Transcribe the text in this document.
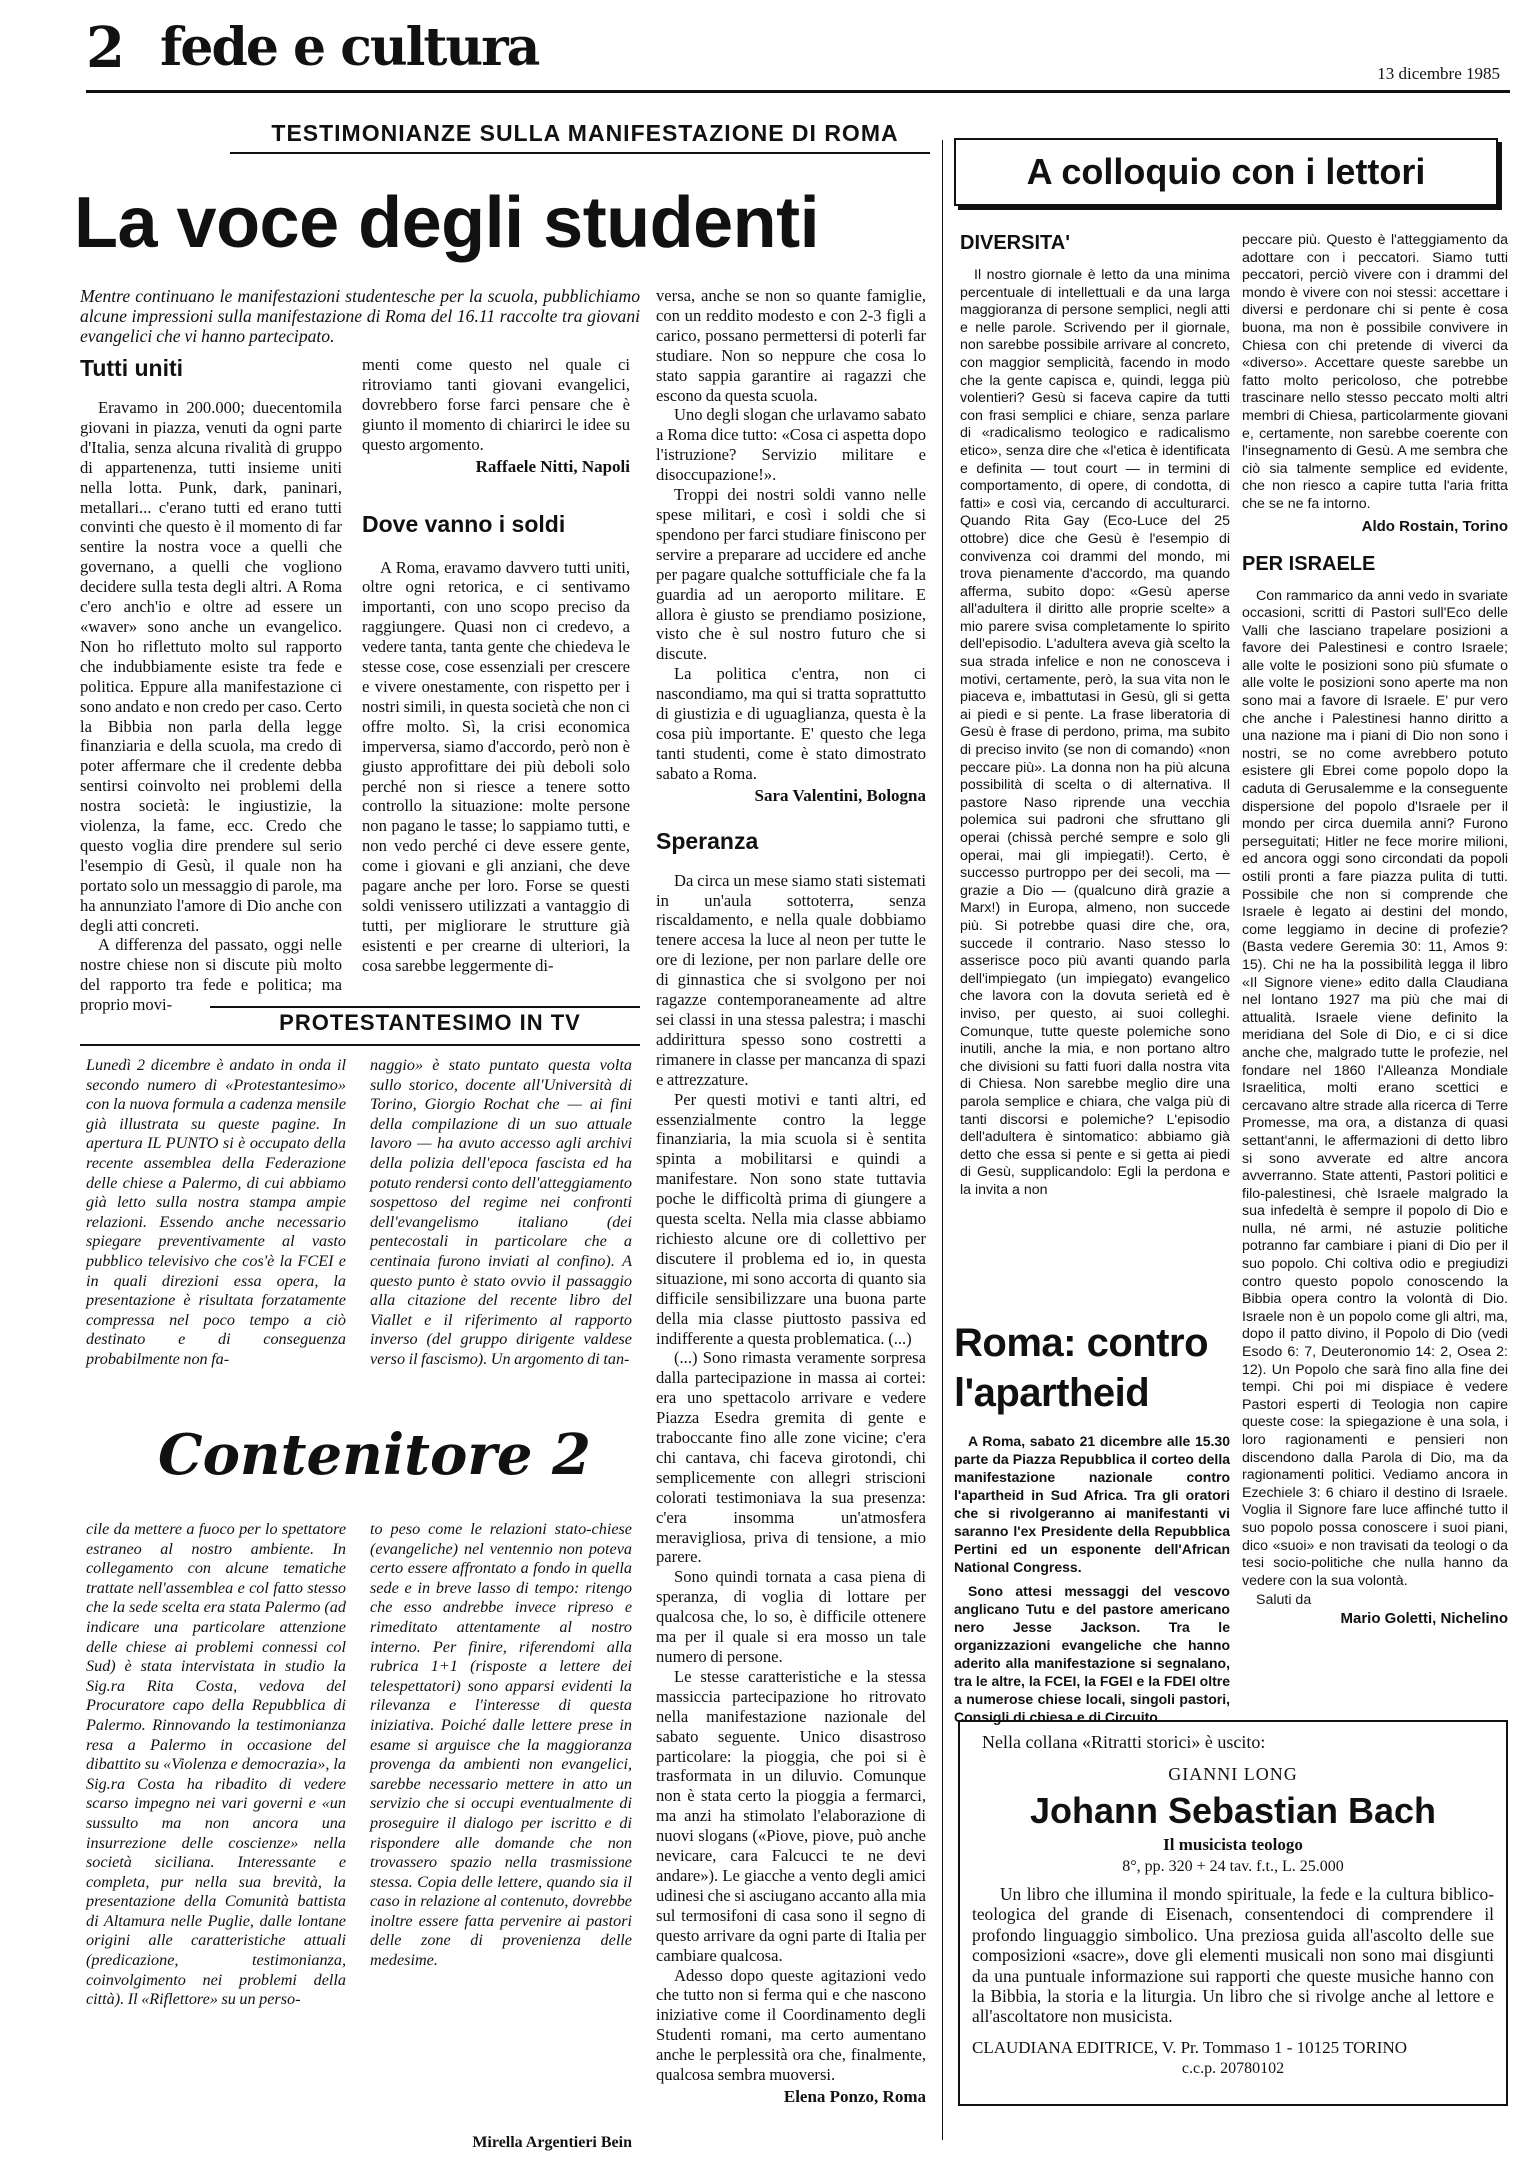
2 fede e cultura	13 dicembre 1985
TESTIMONIANZE SULLA MANIFESTAZIONE DI ROMA
La voce degli studenti

Mentre continuano le manifestazioni studentesche per la scuola, pubblichiamo alcune impressioni sulla manifestazione di Roma del 16.11 raccolte tra giovani evangelici che vi hanno partecipato.

Tutti uniti

Eravamo in 200.000; duecentomila giovani in piazza, venuti da ogni parte d'Italia, senza alcuna rivalità di gruppo di appartenenza, tutti insieme uniti nella lotta. Punk, dark, paninari, metallari... c'erano tutti ed erano tutti convinti che questo è il momento di far sentire la nostra voce a quelli che governano, a quelli che vogliono decidere sulla testa degli altri. A Roma c'ero anch'io e oltre ad essere un «waver» sono anche un evangelico. Non ho riflettuto molto sul rapporto che indubbiamente esiste tra fede e politica. Eppure alla manifestazione ci sono andato e non credo per caso. Certo la Bibbia non parla della legge finanziaria e della scuola, ma credo di poter affermare che il credente debba sentirsi coinvolto nei problemi della nostra società: le ingiustizie, la violenza, la fame, ecc. Credo che questo voglia dire prendere sul serio l'esempio di Gesù, il quale non ha portato solo un messaggio di parole, ma ha annunziato l'amore di Dio anche con degli atti concreti.

A differenza del passato, oggi nelle nostre chiese non si discute più molto del rapporto tra fede e politica; ma proprio movi-

menti come questo nel quale ci ritroviamo tanti giovani evangelici, dovrebbero forse farci pensare che è giunto il momento di chiarirci le idee su questo argomento.

Raffaele Nitti, Napoli

Dove vanno i soldi

A Roma, eravamo davvero tutti uniti, oltre ogni retorica, e ci sentivamo importanti, con uno scopo preciso da raggiungere. Quasi non ci credevo, a vedere tanta, tanta gente che chiedeva le stesse cose, cose essenziali per crescere e vivere onestamente, con rispetto per i nostri simili, in questa società che non ci offre molto. Sì, la crisi economica imperversa, siamo d'accordo, però non è giusto approfittare dei più deboli solo perché non si riesce a tenere sotto controllo la situazione: molte persone non pagano le tasse; lo sappiamo tutti, e non vedo perché ci deve essere gente, come i giovani e gli anziani, che deve pagare anche per loro. Forse se questi soldi venissero utilizzati a vantaggio di tutti, per migliorare le strutture già esistenti e per crearne di ulteriori, la cosa sarebbe leggermente di-

versa, anche se non so quante famiglie, con un reddito modesto e con 2-3 figli a carico, possano permettersi di poterli far studiare. Non so neppure che cosa lo stato sappia garantire ai ragazzi che escono da questa scuola.

Uno degli slogan che urlavamo sabato a Roma dice tutto: «Cosa ci aspetta dopo l'istruzione? Servizio militare e disoccupazione!».

Troppi dei nostri soldi vanno nelle spese militari, e così i soldi che si spendono per farci studiare finiscono per servire a preparare ad uccidere ed anche per pagare qualche sottufficiale che fa la guardia ad un aeroporto militare. E allora è giusto se prendiamo posizione, visto che è sul nostro futuro che si discute.

La politica c'entra, non ci nascondiamo, ma qui si tratta soprattutto di giustizia e di uguaglianza, questa è la cosa più importante. E' questo che lega tanti studenti, come è stato dimostrato sabato a Roma.

Sara Valentini, Bologna

Speranza

Da circa un mese siamo stati sistemati in un'aula sottoterra, senza riscaldamento, e nella quale dobbiamo tenere accesa la luce al neon per tutte le ore di lezione, per non parlare delle ore di ginnastica che si svolgono per noi ragazze contemporaneamente ad altre sei classi in una stessa palestra; i maschi addirittura spesso sono costretti a rimanere in classe per mancanza di spazi e attrezzature.

Per questi motivi e tanti altri, ed essenzialmente contro la legge finanziaria, la mia scuola si è sentita spinta a mobilitarsi e quindi a manifestare. Non sono state tuttavia poche le difficoltà prima di giungere a questa scelta. Nella mia classe abbiamo richiesto alcune ore di collettivo per discutere il problema ed io, in questa situazione, mi sono accorta di quanto sia difficile sensibilizzare una buona parte della mia classe piuttosto passiva ed indifferente a questa problematica. (...)

(...) Sono rimasta veramente sorpresa dalla partecipazione in massa ai cortei: era uno spettacolo arrivare e vedere Piazza Esedra gremita di gente e traboccante fino alle zone vicine; c'era chi cantava, chi faceva girotondi, chi semplicemente con allegri striscioni colorati testimoniava la sua presenza: c'era insomma un'atmosfera meravigliosa, priva di tensione, a mio parere.

Sono quindi tornata a casa piena di speranza, di voglia di lottare per qualcosa che, lo so, è difficile ottenere ma per il quale si era mosso un tale numero di persone.

Le stesse caratteristiche e la stessa massiccia partecipazione ho ritrovato nella manifestazione nazionale del sabato seguente. Unico disastroso particolare: la pioggia, che poi si è trasformata in un diluvio. Comunque non è stata certo la pioggia a fermarci, ma anzi ha stimolato l'elaborazione di nuovi slogans («Piove, piove, può anche nevicare, cara Falcucci te ne devi andare»). Le giacche a vento degli amici udinesi che si asciugano accanto alla mia sul termosifoni di casa sono il segno di questo arrivare da ogni parte di Italia per cambiare qualcosa.

Adesso dopo queste agitazioni vedo che tutto non si ferma qui e che nascono iniziative come il Coordinamento degli Studenti romani, ma certo aumentano anche le perplessità ora che, finalmente, qualcosa sembra muoversi.

Elena Ponzo, Roma

PROTESTANTESIMO IN TV

Lunedì 2 dicembre è andato in onda il secondo numero di «Protestantesimo» con la nuova formula a cadenza mensile già illustrata su queste pagine. In apertura IL PUNTO si è occupato della recente assemblea della Federazione delle chiese a Palermo, di cui abbiamo già letto sulla nostra stampa ampie relazioni. Essendo anche necessario spiegare preventivamente al vasto pubblico televisivo che cos'è la FCEI e in quali direzioni essa opera, la presentazione è risultata forzatamente compressa nel poco tempo a ciò destinato e di conseguenza probabilmente non fa-

naggio» è stato puntato questa volta sullo storico, docente all'Università di Torino, Giorgio Rochat che — ai fini della compilazione di un suo attuale lavoro — ha avuto accesso agli archivi della polizia dell'epoca fascista ed ha potuto rendersi conto dell'atteggiamento sospettoso del regime nei confronti dell'evangelismo italiano (dei pentecostali in particolare che a centinaia furono inviati al confino). A questo punto è stato ovvio il passaggio alla citazione del recente libro del Viallet e il riferimento al rapporto inverso (del gruppo dirigente valdese verso il fascismo). Un argomento di tan-

Contenitore 2

cile da mettere a fuoco per lo spettatore estraneo al nostro ambiente. In collegamento con alcune tematiche trattate nell'assemblea e col fatto stesso che la sede scelta era stata Palermo (ad indicare una particolare attenzione delle chiese ai problemi connessi col Sud) è stata intervistata in studio la Sig.ra Rita Costa, vedova del Procuratore capo della Repubblica di Palermo. Rinnovando la testimonianza resa a Palermo in occasione del dibattito su «Violenza e democrazia», la Sig.ra Costa ha ribadito di vedere scarso impegno nei vari governi e «un sussulto ma non ancora una insurrezione delle coscienze» nella società siciliana. Interessante e completa, pur nella sua brevità, la presentazione della Comunità battista di Altamura nelle Puglie, dalle lontane origini alle caratteristiche attuali (predicazione, testimonianza, coinvolgimento nei problemi della città). Il «Riflettore» su un perso-

to peso come le relazioni stato-chiese (evangeliche) nel ventennio non poteva certo essere affrontato a fondo in quella sede e in breve lasso di tempo: ritengo che esso andrebbe invece ripreso e rimeditato attentamente al nostro interno. Per finire, riferendomi alla rubrica 1+1 (risposte a lettere dei telespettatori) sono apparsi evidenti la rilevanza e l'interesse di questa iniziativa. Poiché dalle lettere prese in esame si arguisce che la maggioranza provenga da ambienti non evangelici, sarebbe necessario mettere in atto un servizio che si occupi eventualmente di proseguire il dialogo per iscritto e di rispondere alle domande che non trovassero spazio nella trasmissione stessa. Copia delle lettere, quando sia il caso in relazione al contenuto, dovrebbe inoltre essere fatta pervenire ai pastori delle zone di provenienza delle medesime.

Mirella Argentieri Bein

A colloquio con i lettori
DIVERSITA'

Il nostro giornale è letto da una minima percentuale di intellettuali e da una larga maggioranza di persone semplici, negli atti e nelle parole. Scrivendo per il giornale, non sarebbe possibile arrivare al concreto, con maggior semplicità, facendo in modo che la gente capisca e, quindi, legga più volentieri? Gesù si faceva capire da tutti con frasi semplici e chiare, senza parlare di «radicalismo teologico e radicalismo etico», senza dire che «l'etica è identificata e definita — tout court — in termini di comportamento, di opere, di condotta, di fatti» e così via, cercando di acculturarci. Quando Rita Gay (Eco-Luce del 25 ottobre) dice che Gesù è l'esempio di convivenza coi drammi del mondo, mi trova pienamente d'accordo, ma quando afferma, subito dopo: «Gesù aperse all'adultera il diritto alle proprie scelte» a mio parere svisa completamente lo spirito dell'episodio. L'adultera aveva già scelto la sua strada infelice e non ne conosceva i motivi, certamente, però, la sua vita non le piaceva e, imbattutasi in Gesù, gli si getta ai piedi e si pente. La frase liberatoria di Gesù è frase di perdono, prima, ma subito di preciso invito (se non di comando) «non peccare più». La donna non ha più alcuna possibilità di scelta o di alternativa. Il pastore Naso riprende una vecchia polemica sui padroni che sfruttano gli operai (chissà perché sempre e solo gli operai, mai gli impiegati!). Certo, è successo purtroppo per dei secoli, ma — grazie a Dio — (qualcuno dirà grazie a Marx!) in Europa, almeno, non succede più. Si potrebbe quasi dire che, ora, succede il contrario. Naso stesso lo asserisce poco più avanti quando parla dell'impiegato (un impiegato) evangelico che lavora con la dovuta serietà ed è inviso, per questo, ai suoi colleghi. Comunque, tutte queste polemiche sono inutili, anche la mia, e non portano altro che divisioni su fatti fuori dalla nostra vita di Chiesa. Non sarebbe meglio dire una parola semplice e chiara, che valga più di tanti discorsi e polemiche? L'episodio dell'adultera è sintomatico: abbiamo già detto che essa si pente e si getta ai piedi di Gesù, supplicandolo: Egli la perdona e la invita a non

peccare più. Questo è l'atteggiamento da adottare con i peccatori. Siamo tutti peccatori, perciò vivere con i drammi del mondo è vivere con noi stessi: accettare i diversi e perdonare chi si pente è cosa buona, ma non è possibile convivere in Chiesa con chi pretende di viverci da «diverso». Accettare queste sarebbe un fatto molto pericoloso, che potrebbe trascinare nello stesso peccato molti altri membri di Chiesa, particolarmente giovani e, certamente, non sarebbe coerente con l'insegnamento di Gesù. A me sembra che ciò sia talmente semplice ed evidente, che non riesco a capire tutta l'aria fritta che se ne fa intorno.

Aldo Rostain, Torino

PER ISRAELE

Con rammarico da anni vedo in svariate occasioni, scritti di Pastori sull'Eco delle Valli che lasciano trapelare posizioni a favore dei Palestinesi e contro Israele; alle volte le posizioni sono più sfumate o alle volte le posizioni sono aperte ma non sono mai a favore di Israele. E' pur vero che anche i Palestinesi hanno diritto a una nazione ma i piani di Dio non sono i nostri, se no come avrebbero potuto esistere gli Ebrei come popolo dopo la caduta di Gerusalemme e la conseguente dispersione del popolo d'Israele per il mondo per circa duemila anni? Furono perseguitati; Hitler ne fece morire milioni, ed ancora oggi sono circondati da popoli ostili pronti a fare piazza pulita di tutti. Possibile che non si comprende che Israele è legato ai destini del mondo, come leggiamo in decine di profezie? (Basta vedere Geremia 30: 11, Amos 9: 15). Chi ne ha la possibilità legga il libro «Il Signore viene» edito dalla Claudiana nel lontano 1927 ma più che mai di attualità. Israele viene definito la meridiana del Sole di Dio, e ci si dice anche che, malgrado tutte le profezie, nel fondare nel 1860 l'Alleanza Mondiale Israelitica, molti erano scettici e cercavano altre strade alla ricerca di Terre Promesse, ma ora, a distanza di quasi settant'anni, le affermazioni di detto libro si sono avverate ed altre ancora avverranno. State attenti, Pastori politici e filo-palestinesi, chè Israele malgrado la sua infedeltà è sempre il popolo di Dio e nulla, né armi, né astuzie politiche potranno far cambiare i piani di Dio per il suo popolo. Chi coltiva odio e pregiudizi contro questo popolo conoscendo la Bibbia opera contro la volontà di Dio. Israele non è un popolo come gli altri, ma, dopo il patto divino, il Popolo di Dio (vedi Esodo 6: 7, Deuteronomio 14: 2, Osea 2: 12). Un Popolo che sarà fino alla fine dei tempi. Chi poi mi dispiace è vedere Pastori esperti di Teologia non capire queste cose: la spiegazione è una sola, i loro ragionamenti e pensieri non discendono dalla Parola di Dio, ma da ragionamenti politici. Vediamo ancora in Ezechiele 3: 6 chiaro il destino di Israele. Voglia il Signore fare luce affinché tutto il suo popolo possa conoscere i suoi piani, dico «suoi» e non travisati da teologi o da tesi socio-politiche che nulla hanno da vedere con la sua volontà.

Saluti da

Mario Goletti, Nichelino

Roma: contro l'apartheid

A Roma, sabato 21 dicembre alle 15.30 parte da Piazza Repubblica il corteo della manifestazione nazionale contro l'apartheid in Sud Africa. Tra gli oratori che si rivolgeranno ai manifestanti vi saranno l'ex Presidente della Repubblica Pertini ed un esponente dell'African National Congress.

Sono attesi messaggi del vescovo anglicano Tutu e del pastore americano nero Jesse Jackson. Tra le organizzazioni evangeliche che hanno aderito alla manifestazione si segnalano, tra le altre, la FCEI, la FGEI e la FDEI oltre a numerose chiese locali, singoli pastori, Consigli di chiesa e di Circuito.

Nella collana «Ritratti storici» è uscito:
GIANNI LONG
Johann Sebastian Bach
Il musicista teologo
8°, pp. 320 + 24 tav. f.t., L. 25.000

Un libro che illumina il mondo spirituale, la fede e la cultura biblico-teologica del grande di Eisenach, consentendoci di comprendere il profondo linguaggio simbolico. Una preziosa guida all'ascolto delle sue composizioni «sacre», dove gli elementi musicali non sono mai disgiunti da una puntuale informazione sui rapporti che queste musiche hanno con la Bibbia, la storia e la liturgia. Un libro che si rivolge anche al lettore e all'ascoltatore non musicista.

CLAUDIANA EDITRICE, V. Pr. Tommaso 1 - 10125 TORINO
c.c.p. 20780102
